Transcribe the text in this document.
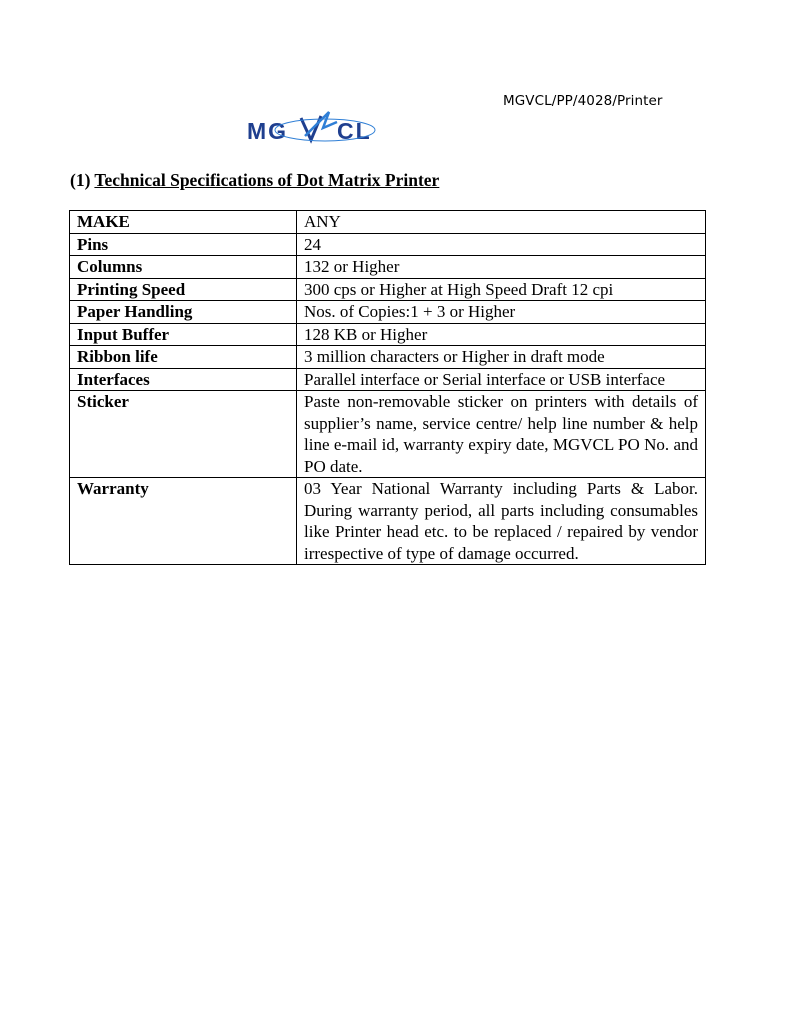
MGVCL/PP/4028/Printer
MG CL
(1) Technical Specifications of Dot Matrix Printer
MAKE	ANY
Pins	24
Columns	132 or Higher
Printing Speed	300 cps or Higher at High Speed Draft 12 cpi
Paper Handling	Nos. of Copies:1 + 3 or Higher
Input Buffer	128 KB or Higher
Ribbon life	3 million characters or Higher in draft mode
Interfaces	Parallel interface or Serial interface or USB interface
Sticker	Paste non-removable sticker on printers with details of supplier’s name, service centre/ help line number & help line e-mail id, warranty expiry date, MGVCL PO No. and PO date.
Warranty	03 Year National Warranty including Parts & Labor. During warranty period, all parts including consumables like Printer head etc. to be replaced / repaired by vendor irrespective of type of damage occurred.
